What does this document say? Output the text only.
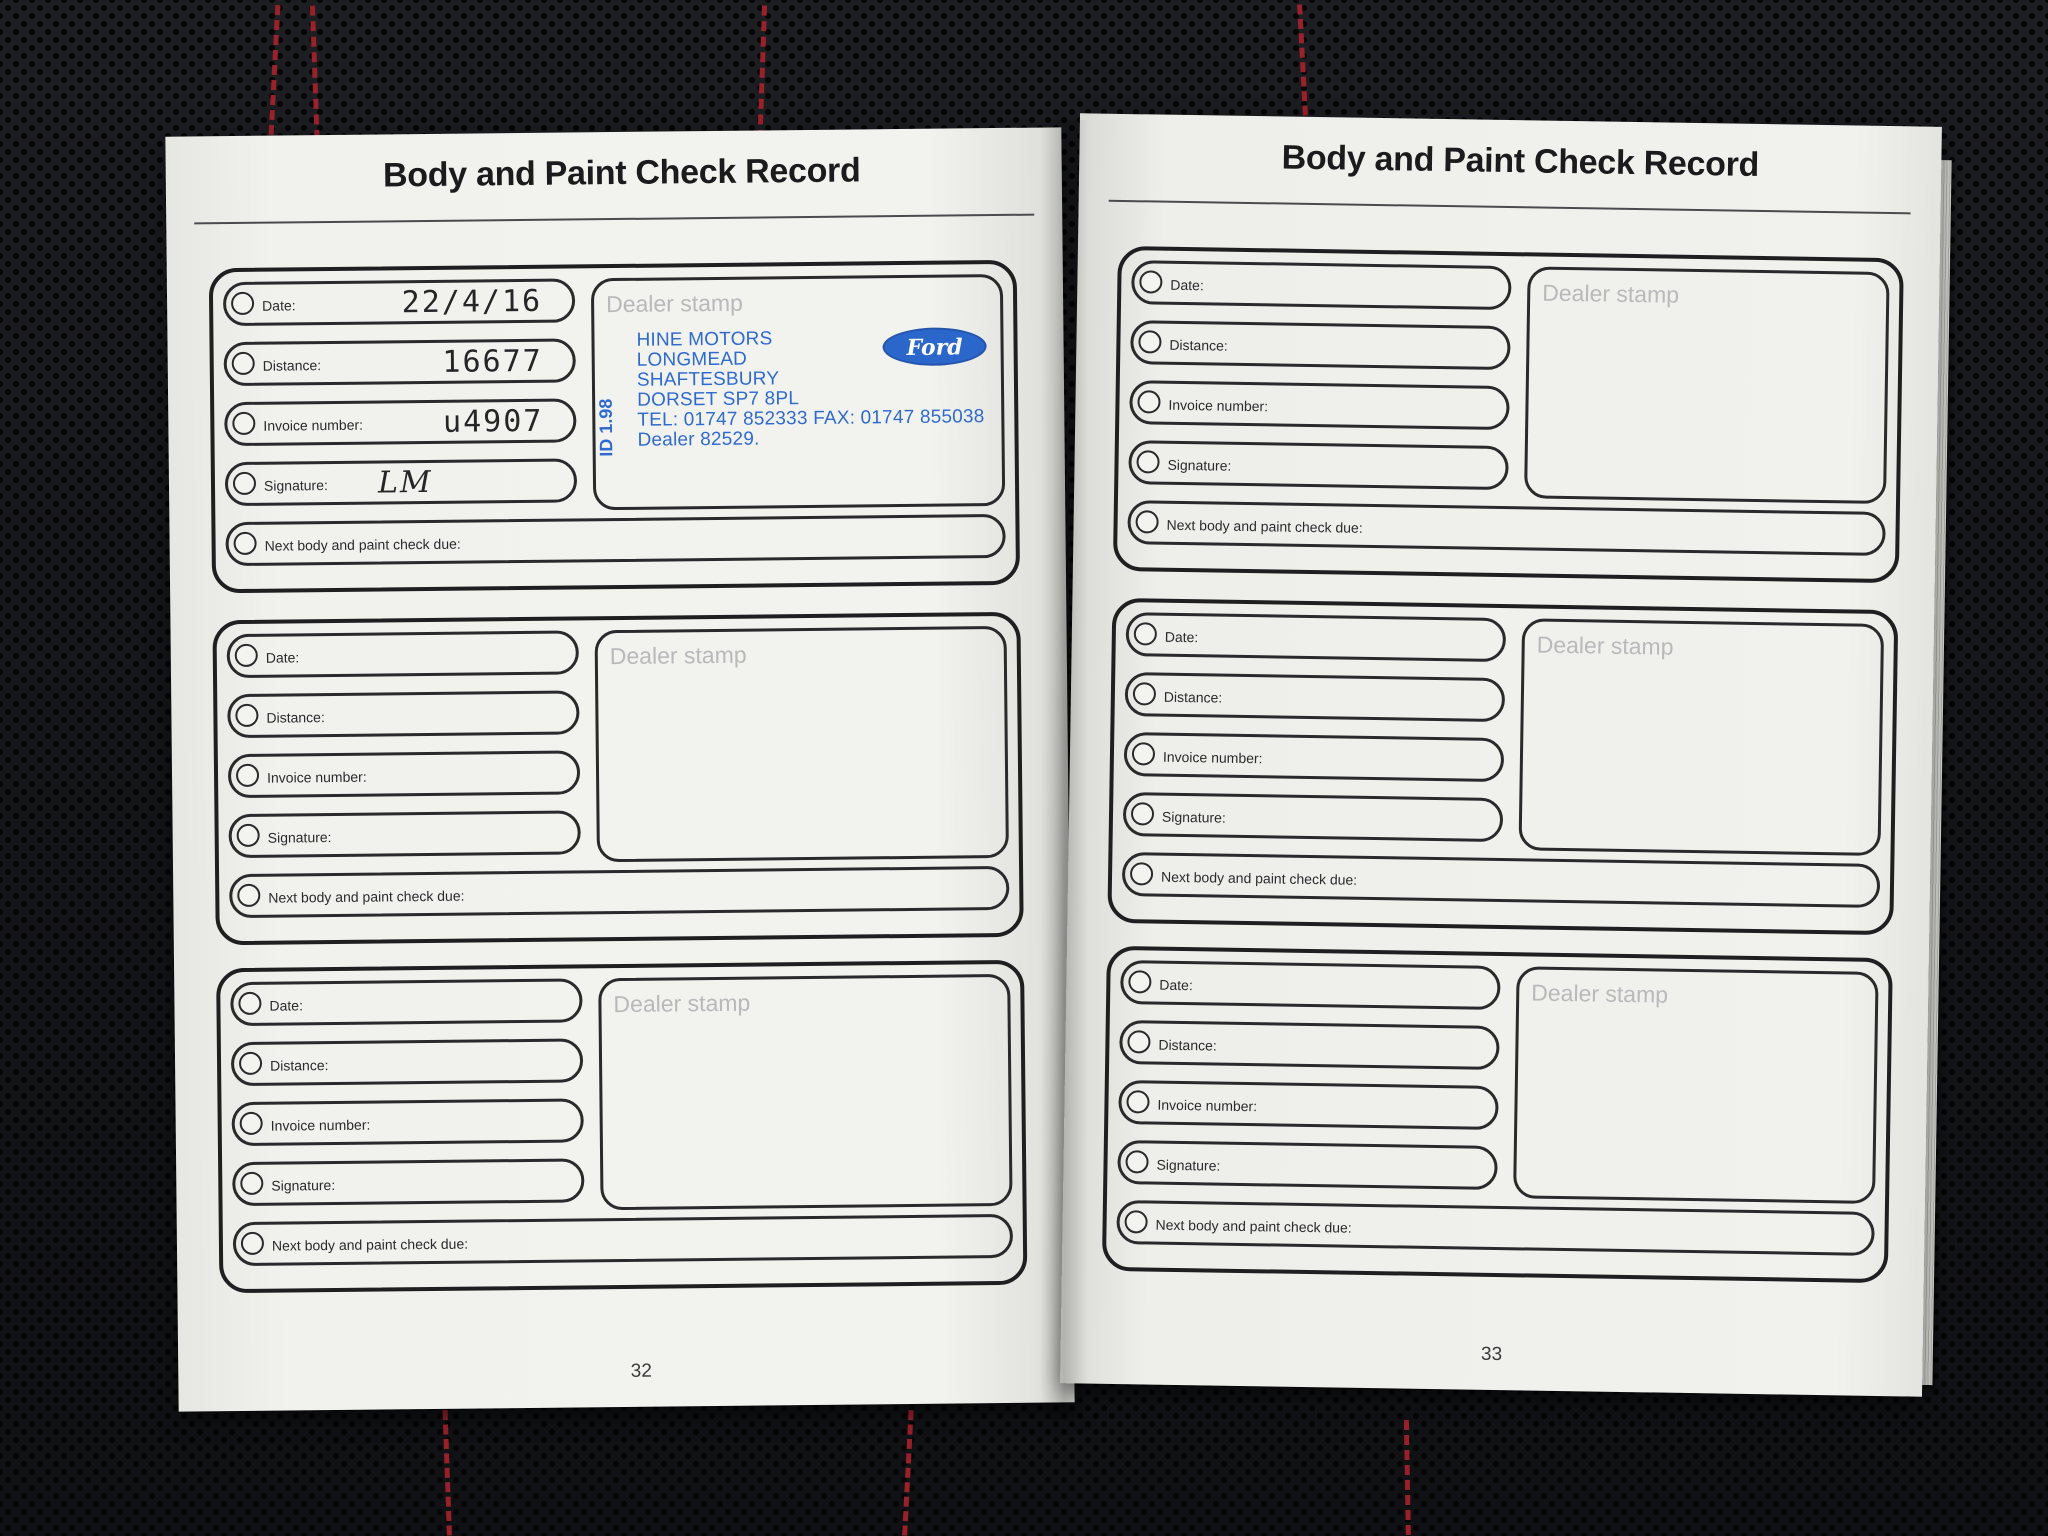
Body and Paint Check Record
Date:	22/4/16
Distance:	16677
Invoice number:	u4907
Signature: LM
Dealer stamp
ID 1.98
HINE MOTORS
LONGMEAD
SHAFTESBURY
DORSET SP7 8PL
TEL: 01747 852333 FAX: 01747 855038
Dealer 82529.
Ford
Next body and paint check due:
Date:
Distance:
Invoice number:
Signature:
Dealer stamp
Next body and paint check due:
Date:
Distance:
Invoice number:
Signature:
Dealer stamp
Next body and paint check due:
32
Body and Paint Check Record
Date:
Distance:
Invoice number:
Signature:
Dealer stamp
Next body and paint check due:
Date:
Distance:
Invoice number:
Signature:
Dealer stamp
Next body and paint check due:
Date:
Distance:
Invoice number:
Signature:
Dealer stamp
Next body and paint check due:
33
